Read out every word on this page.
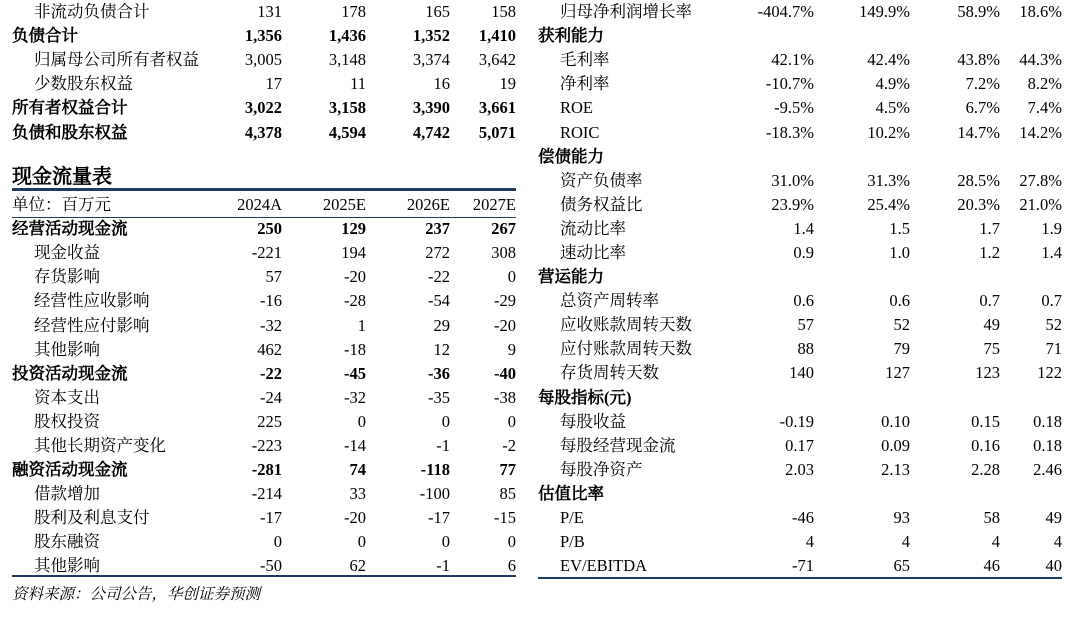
非流动负债合计	131	178	165	158
负债合计	1,356	1,436	1,352	1,410
归属母公司所有者权益	3,005	3,148	3,374	3,642
少数股东权益	17	11	16	19
所有者权益合计	3,022	3,158	3,390	3,661
负债和股东权益	4,378	4,594	4,742	5,071
现金流量表
单位：百万元	2024A	2025E	2026E	2027E
经营活动现金流	250	129	237	267
现金收益	-221	194	272	308
存货影响	57	-20	-22	0
经营性应收影响	-16	-28	-54	-29
经营性应付影响	-32	1	29	-20
其他影响	462	-18	12	9
投资活动现金流	-22	-45	-36	-40
资本支出	-24	-32	-35	-38
股权投资	225	0	0	0
其他长期资产变化	-223	-14	-1	-2
融资活动现金流	-281	74	-118	77
借款增加	-214	33	-100	85
股利及利息支付	-17	-20	-17	-15
股东融资	0	0	0	0
其他影响	-50	62	-1	6
归母净利润增长率	-404.7%	149.9%	58.9%	18.6%
获利能力				
毛利率	42.1%	42.4%	43.8%	44.3%
净利率	-10.7%	4.9%	7.2%	8.2%
ROE	-9.5%	4.5%	6.7%	7.4%
ROIC	-18.3%	10.2%	14.7%	14.2%
偿债能力				
资产负债率	31.0%	31.3%	28.5%	27.8%
债务权益比	23.9%	25.4%	20.3%	21.0%
流动比率	1.4	1.5	1.7	1.9
速动比率	0.9	1.0	1.2	1.4
营运能力				
总资产周转率	0.6	0.6	0.7	0.7
应收账款周转天数	57	52	49	52
应付账款周转天数	88	79	75	71
存货周转天数	140	127	123	122
每股指标(元)				
每股收益	-0.19	0.10	0.15	0.18
每股经营现金流	0.17	0.09	0.16	0.18
每股净资产	2.03	2.13	2.28	2.46
估值比率				
P/E	-46	93	58	49
P/B	4	4	4	4
EV/EBITDA	-71	65	46	40
资料来源：公司公告，华创证券预测
